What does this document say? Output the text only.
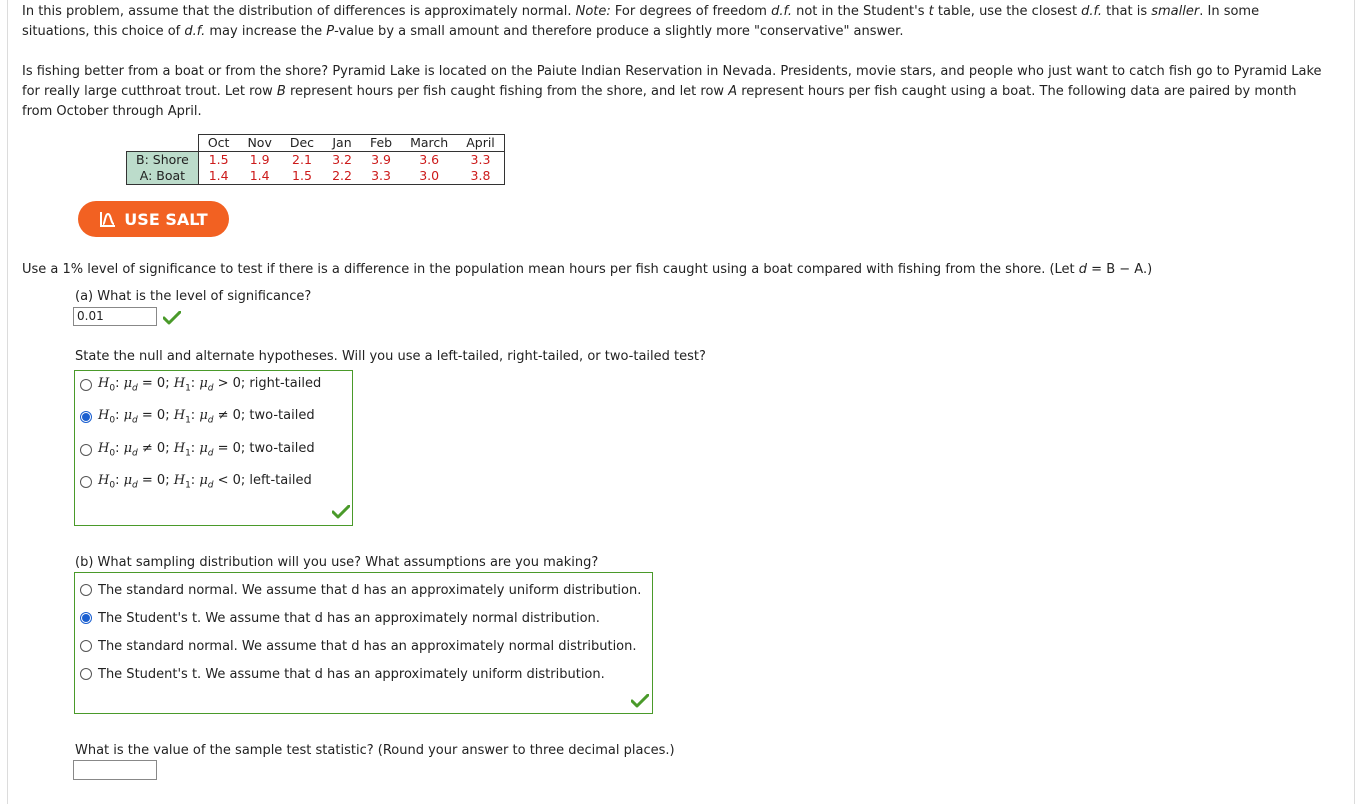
In this problem, assume that the distribution of differences is approximately normal. Note: For degrees of freedom d.f. not in the Student's t table, use the closest d.f. that is smaller. In some
situations, this choice of d.f. may increase the P-value by a small amount and therefore produce a slightly more "conservative" answer.
Is fishing better from a boat or from the shore? Pyramid Lake is located on the Paiute Indian Reservation in Nevada. Presidents, movie stars, and people who just want to catch fish go to Pyramid Lake
for really large cutthroat trout. Let row B represent hours per fish caught fishing from the shore, and let row A represent hours per fish caught using a boat. The following data are paired by month
from October through April.
	Oct	Nov	Dec	Jan	Feb	March	April
B: Shore	1.5	1.9	2.1	3.2	3.9	3.6	3.3
A: Boat	1.4	1.4	1.5	2.2	3.3	3.0	3.8
USE SALT
Use a 1% level of significance to test if there is a difference in the population mean hours per fish caught using a boat compared with fishing from the shore. (Let d = B − A.)
(a) What is the level of significance?
0.01
State the null and alternate hypotheses. Will you use a left-tailed, right-tailed, or two-tailed test?
$H_0$: $\mu_d = 0$; $H_1$: $\mu_d > 0$; right-tailed
$H_0$: $\mu_d = 0$; $H_1$: $\mu_d \ne 0$; two-tailed
$H_0$: $\mu_d \ne 0$; $H_1$: $\mu_d = 0$; two-tailed
$H_0$: $\mu_d = 0$; $H_1$: $\mu_d < 0$; left-tailed
(b) What sampling distribution will you use? What assumptions are you making?
The standard normal. We assume that d has an approximately uniform distribution.
The Student's t. We assume that d has an approximately normal distribution.
The standard normal. We assume that d has an approximately normal distribution.
The Student's t. We assume that d has an approximately uniform distribution.
What is the value of the sample test statistic? (Round your answer to three decimal places.)
